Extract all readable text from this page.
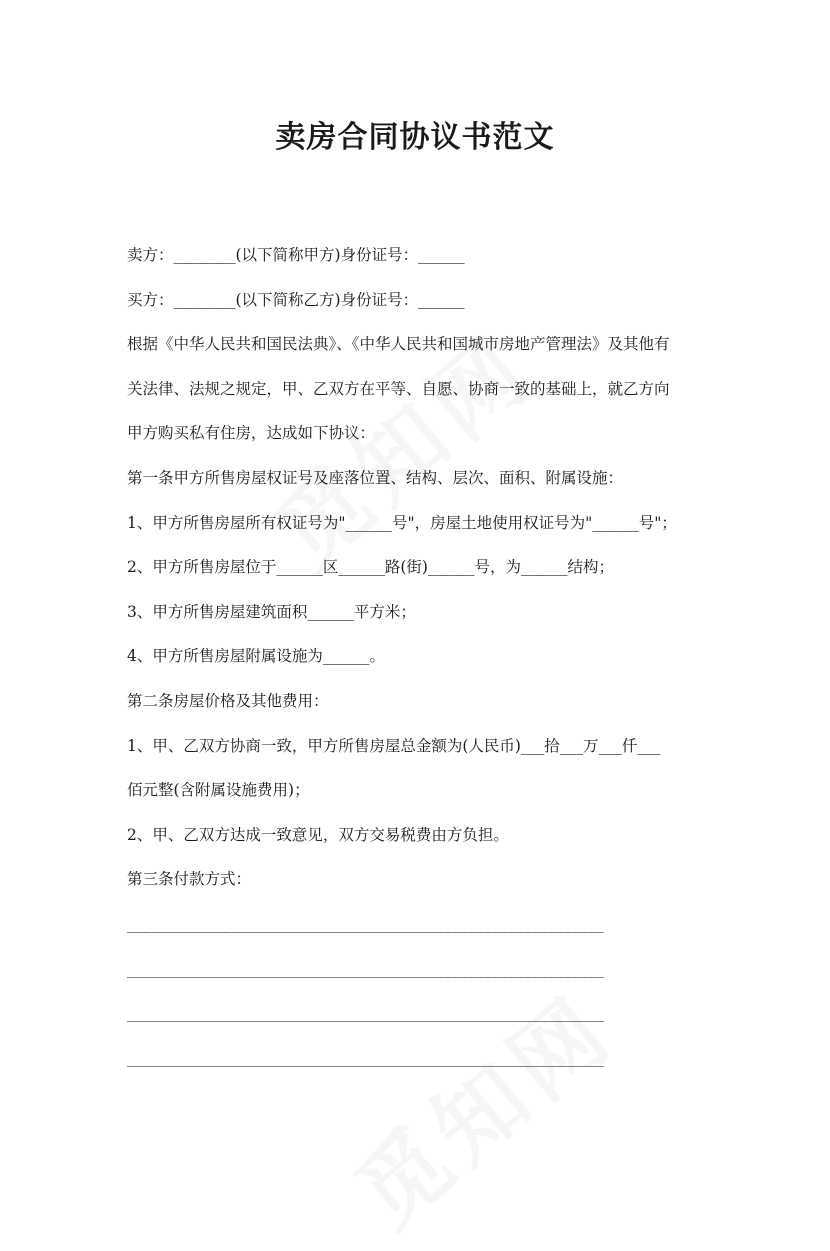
卖房合同协议书范文
卖方：________(以下简称甲方)身份证号：______
买方：________(以下简称乙方)身份证号：______
根据《中华人民共和国民法典》、《中华人民共和国城市房地产管理法》及其他有
关法律、法规之规定，甲、乙双方在平等、自愿、协商一致的基础上，就乙方向
甲方购买私有住房，达成如下协议：
第一条甲方所售房屋权证号及座落位置、结构、层次、面积、附属设施：
1、甲方所售房屋所有权证号为"______号"，房屋土地使用权证号为"______号"；
2、甲方所售房屋位于______区______路(街)______号，为______结构；
3、甲方所售房屋建筑面积______平方米；
4、甲方所售房屋附属设施为______。
第二条房屋价格及其他费用：
1、甲、乙双方协商一致，甲方所售房屋总金额为(人民币)___拾___万___仟___
佰元整(含附属设施费用)；
2、甲、乙双方达成一致意见，双方交易税费由方负担。
第三条付款方式：
____________________________________________________________
____________________________________________________________
____________________________________________________________
____________________________________________________________
